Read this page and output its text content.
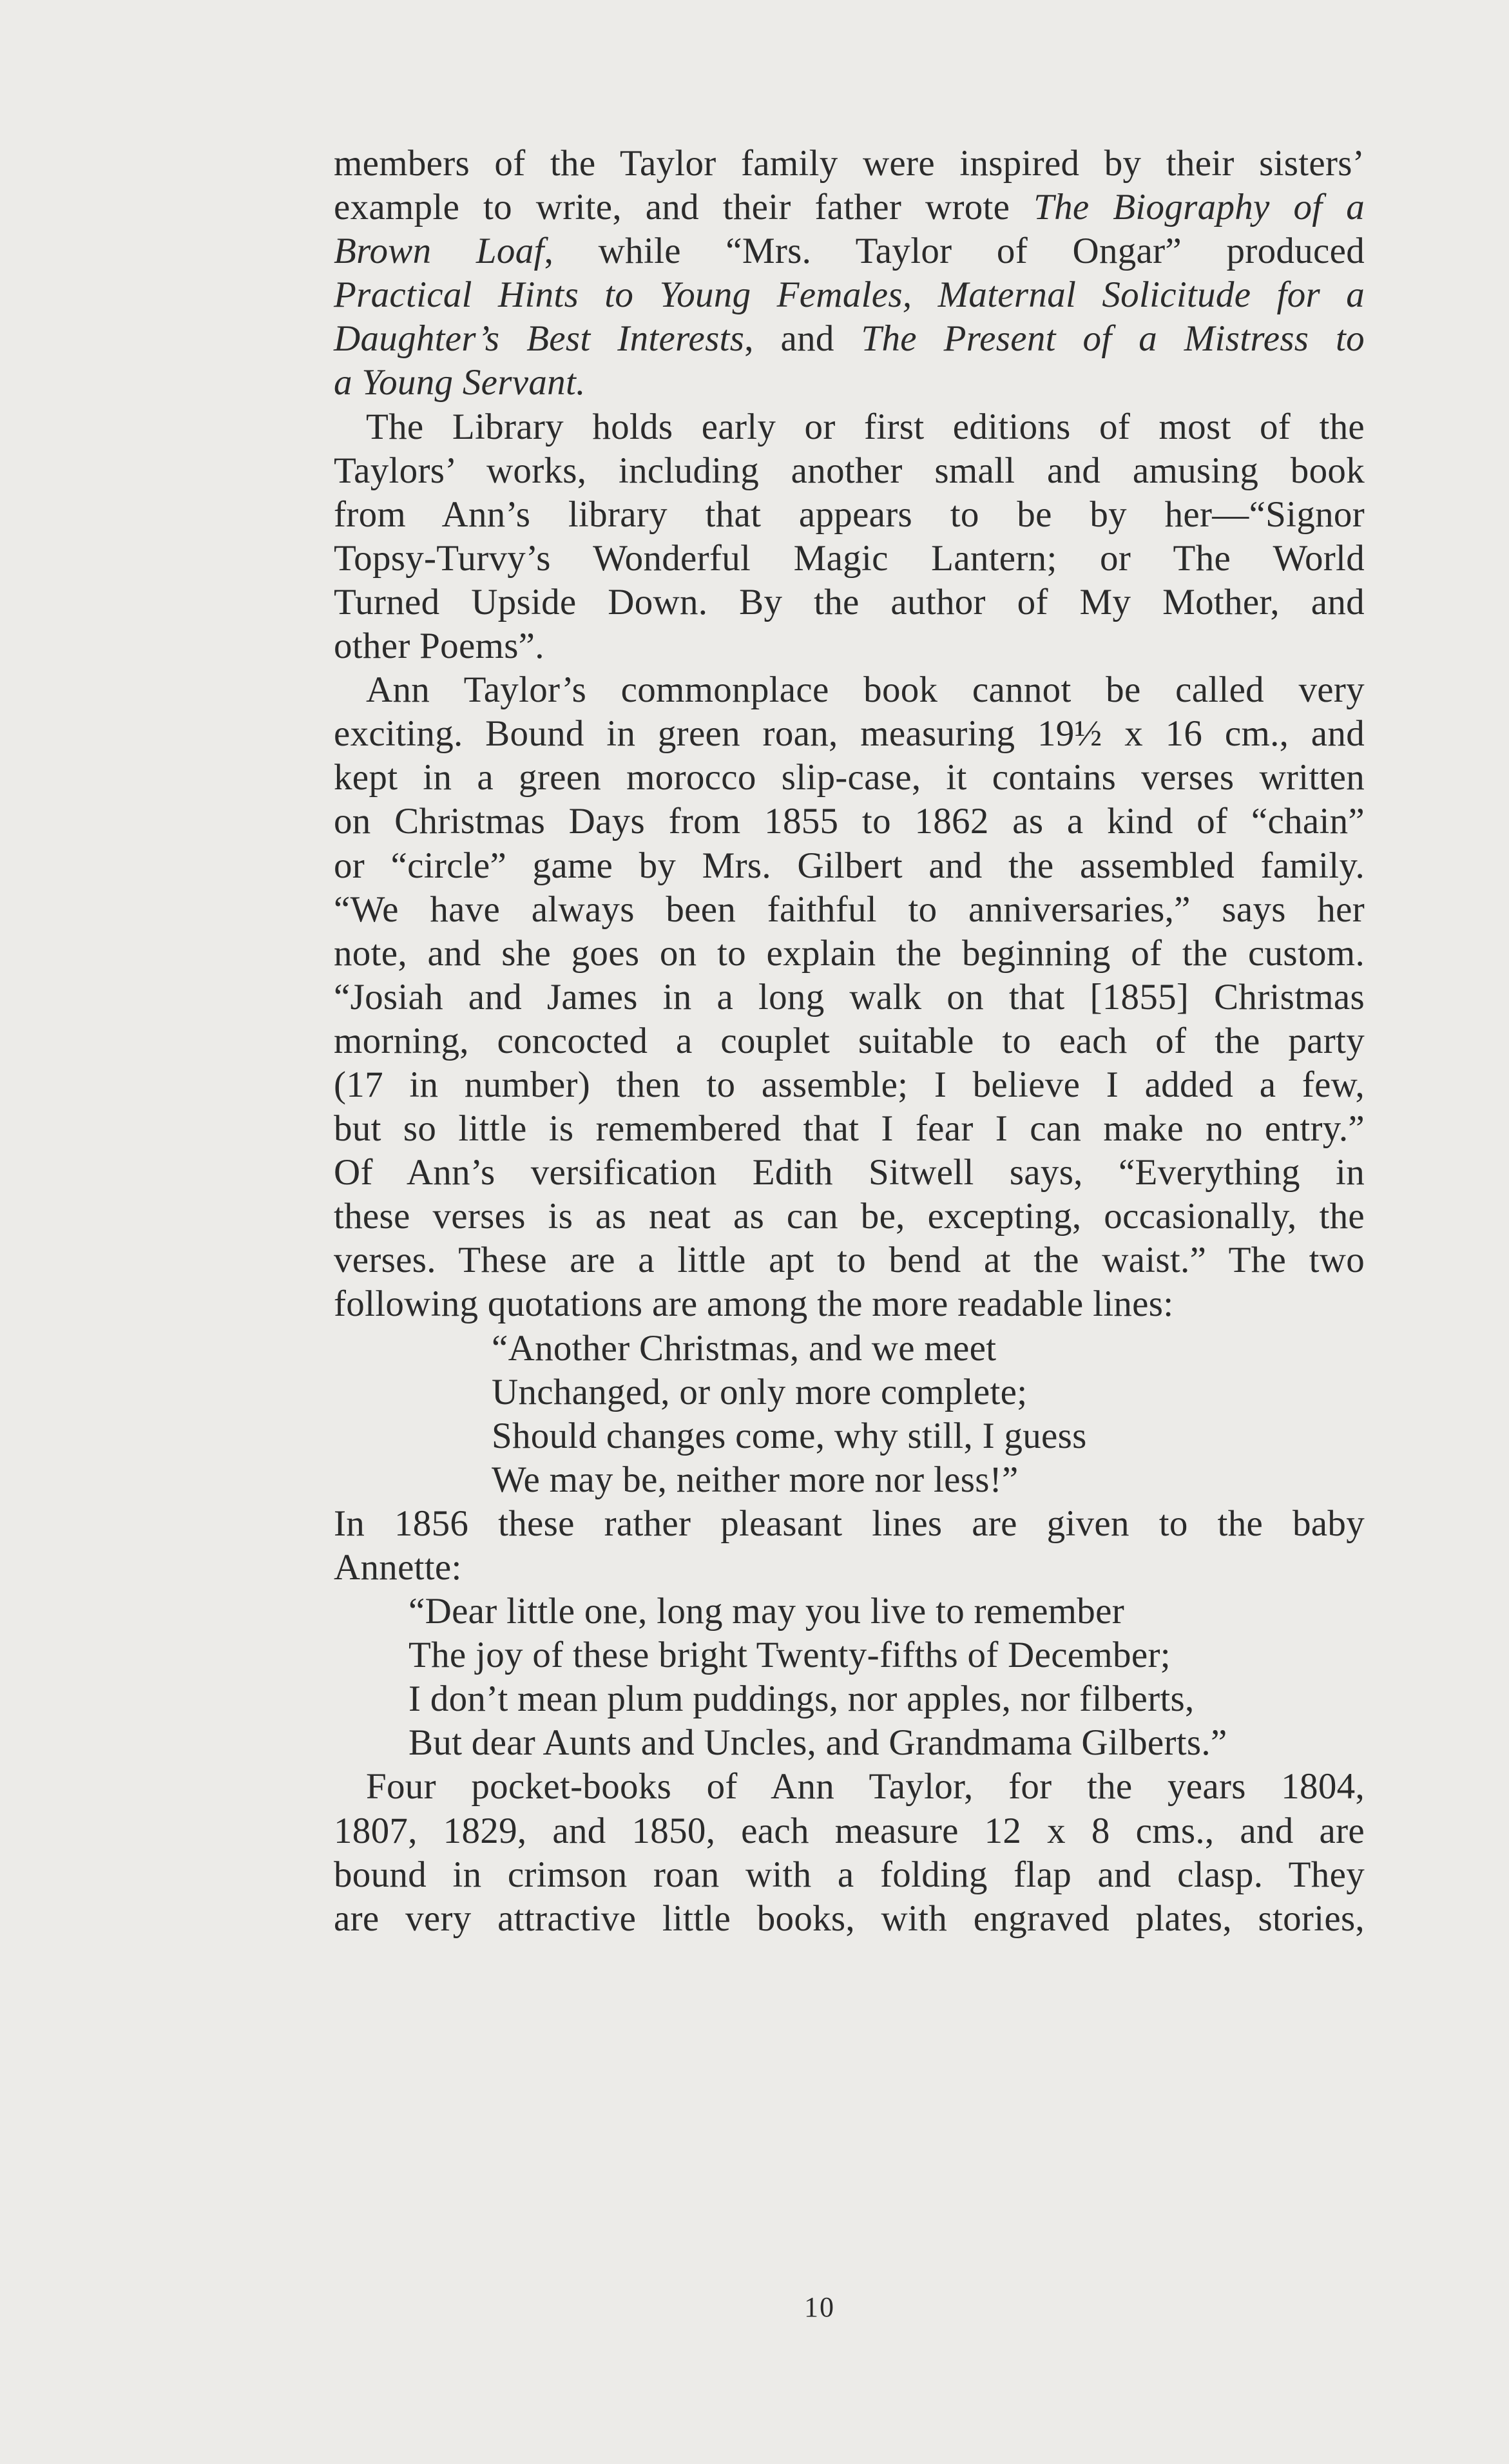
members of the Taylor family were inspired by their sisters’
example to write, and their father wrote The Biography of a
Brown Loaf, while “Mrs. Taylor of Ongar” produced
Practical Hints to Young Females, Maternal Solicitude for a
Daughter’s Best Interests, and The Present of a Mistress to
a Young Servant.
The Library holds early or first editions of most of the
Taylors’ works, including another small and amusing book
from Ann’s library that appears to be by her—“Signor
Topsy-Turvy’s Wonderful Magic Lantern; or The World
Turned Upside Down. By the author of My Mother, and
other Poems”.
Ann Taylor’s commonplace book cannot be called very
exciting. Bound in green roan, measuring 19½ x 16 cm., and
kept in a green morocco slip-case, it contains verses written
on Christmas Days from 1855 to 1862 as a kind of “chain”
or “circle” game by Mrs. Gilbert and the assembled family.
“We have always been faithful to anniversaries,” says her
note, and she goes on to explain the beginning of the custom.
“Josiah and James in a long walk on that [1855] Christmas
morning, concocted a couplet suitable to each of the party
(17 in number) then to assemble; I believe I added a few,
but so little is remembered that I fear I can make no entry.”
Of Ann’s versification Edith Sitwell says, “Everything in
these verses is as neat as can be, excepting, occasionally, the
verses. These are a little apt to bend at the waist.” The two
following quotations are among the more readable lines:
“Another Christmas, and we meet
Unchanged, or only more complete;
Should changes come, why still, I guess
We may be, neither more nor less!”
In 1856 these rather pleasant lines are given to the baby
Annette:
“Dear little one, long may you live to remember
The joy of these bright Twenty-fifths of December;
I don’t mean plum puddings, nor apples, nor filberts,
But dear Aunts and Uncles, and Grandmama Gilberts.”
Four pocket-books of Ann Taylor, for the years 1804,
1807, 1829, and 1850, each measure 12 x 8 cms., and are
bound in crimson roan with a folding flap and clasp. They
are very attractive little books, with engraved plates, stories,
10
